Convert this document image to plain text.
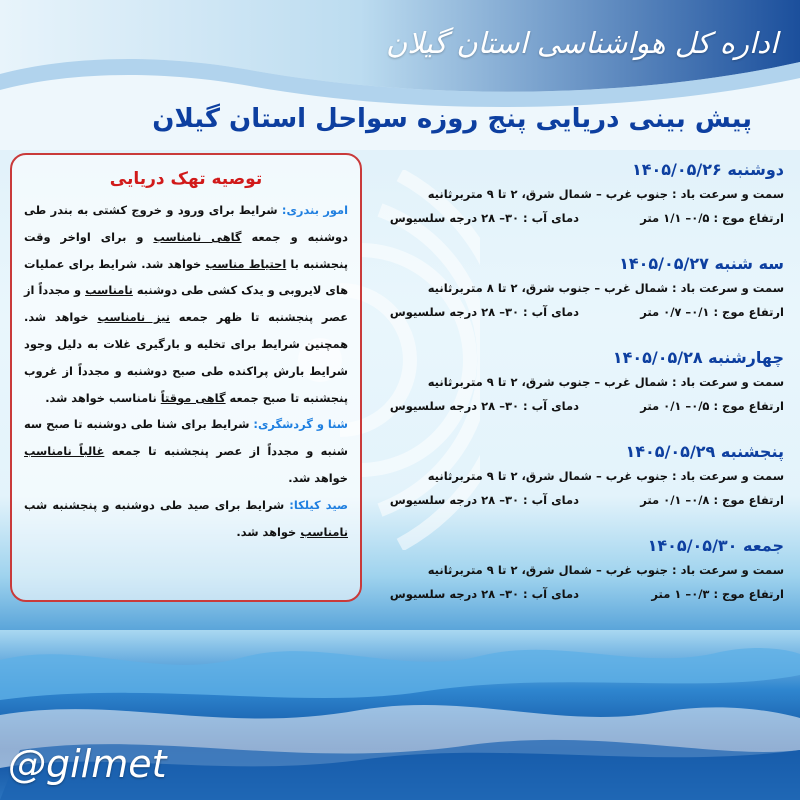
اداره کل هواشناسی استان گیلان
پیش بینی دریایی پنج روزه سواحل استان گیلان
توصیه تهک دریایی
امور بندری: شرایط برای ورود و خروج کشتی به بندر طی دوشنبه و جمعه گاهی نامناسب و برای اواخر وقت پنجشنبه با احتیاط مناسب خواهد شد. شرایط برای عملیات های لایروبی و یدک کشی طی دوشنبه نامناسب و مجدداً از عصر پنجشنبه تا ظهر جمعه نیز نامناسب خواهد شد. همچنین شرایط برای تخلیه و بارگیری غلات به دلیل وجود شرایط بارش پراکنده طی صبح دوشنبه و مجدداً از غروب پنجشنبه تا صبح جمعه گاهی موقتاً نامناسب خواهد شد.
شنا و گردشگری: شرایط برای شنا طی دوشنبه تا صبح سه شنبه و مجدداً از عصر پنجشنبه تا جمعه غالباً نامناسب خواهد شد.
صید کیلکا: شرایط برای صید طی دوشنبه و پنجشنبه شب نامناسب خواهد شد.
دوشنبه ۱۴۰۵/۰۵/۲۶
سمت و سرعت باد : جنوب غرب – شمال شرق، ۲ تا ۹ متربرثانیه
ارتفاع موج : ۰/۵– ۱/۱ متردمای آب : ۳۰– ۲۸ درجه سلسیوس
سه شنبه ۱۴۰۵/۰۵/۲۷
سمت و سرعت باد : شمال غرب – جنوب شرق، ۲ تا ۸ متربرثانیه
ارتفاع موج : ۰/۱– ۰/۷ متردمای آب : ۳۰– ۲۸ درجه سلسیوس
چهارشنبه ۱۴۰۵/۰۵/۲۸
سمت و سرعت باد : شمال غرب – جنوب شرق، ۲ تا ۹ متربرثانیه
ارتفاع موج : ۰/۵– ۰/۱ متردمای آب : ۳۰– ۲۸ درجه سلسیوس
پنجشنبه ۱۴۰۵/۰۵/۲۹
سمت و سرعت باد : جنوب غرب – شمال شرق، ۲ تا ۹ متربرثانیه
ارتفاع موج : ۰/۸– ۰/۱ متردمای آب : ۳۰– ۲۸ درجه سلسیوس
جمعه ۱۴۰۵/۰۵/۳۰
سمت و سرعت باد : جنوب غرب – شمال شرق، ۲ تا ۹ متربرثانیه
ارتفاع موج : ۰/۳– ۱ متردمای آب : ۳۰– ۲۸ درجه سلسیوس
@gilmet
